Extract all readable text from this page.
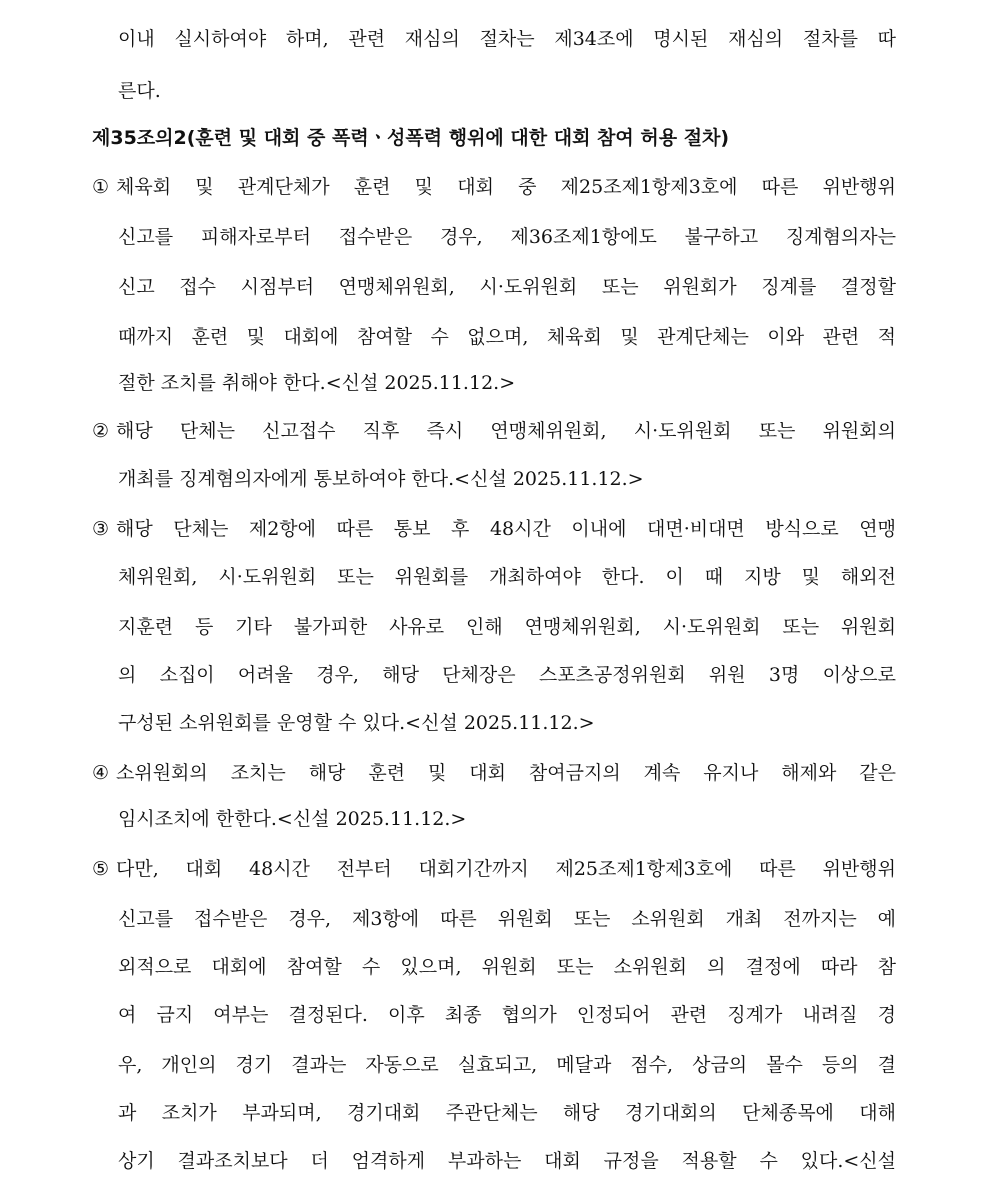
이내 실시하여야 하며, 관련 재심의 절차는 제34조에 명시된 재심의 절차를 따
른다.
제35조의2(훈련 및 대회 중 폭력ㆍ성폭력 행위에 대한 대회 참여 허용 절차)
① 체육회 및 관계단체가 훈련 및 대회 중 제25조제1항제3호에 따른 위반행위
신고를 피해자로부터 접수받은 경우, 제36조제1항에도 불구하고 징계혐의자는
신고 접수 시점부터 연맹체위원회, 시·도위원회 또는 위원회가 징계를 결정할
때까지 훈련 및 대회에 참여할 수 없으며, 체육회 및 관계단체는 이와 관련 적
절한 조치를 취해야 한다.<신설 2025.11.12.>
② 해당 단체는 신고접수 직후 즉시 연맹체위원회, 시·도위원회 또는 위원회의
개최를 징계혐의자에게 통보하여야 한다.<신설 2025.11.12.>
③ 해당 단체는 제2항에 따른 통보 후 48시간 이내에 대면·비대면 방식으로 연맹
체위원회, 시·도위원회 또는 위원회를 개최하여야 한다. 이 때 지방 및 해외전
지훈련 등 기타 불가피한 사유로 인해 연맹체위원회, 시·도위원회 또는 위원회
의 소집이 어려울 경우, 해당 단체장은 스포츠공정위원회 위원 3명 이상으로
구성된 소위원회를 운영할 수 있다.<신설 2025.11.12.>
④ 소위원회의 조치는 해당 훈련 및 대회 참여금지의 계속 유지나 해제와 같은
임시조치에 한한다.<신설 2025.11.12.>
⑤ 다만, 대회 48시간 전부터 대회기간까지 제25조제1항제3호에 따른 위반행위
신고를 접수받은 경우, 제3항에 따른 위원회 또는 소위원회 개최 전까지는 예
외적으로 대회에 참여할 수 있으며, 위원회 또는 소위원회 의 결정에 따라 참
여 금지 여부는 결정된다. 이후 최종 협의가 인정되어 관련 징계가 내려질 경
우, 개인의 경기 결과는 자동으로 실효되고, 메달과 점수, 상금의 몰수 등의 결
과 조치가 부과되며, 경기대회 주관단체는 해당 경기대회의 단체종목에 대해
상기 결과조치보다 더 엄격하게 부과하는 대회 규정을 적용할 수 있다.<신설
